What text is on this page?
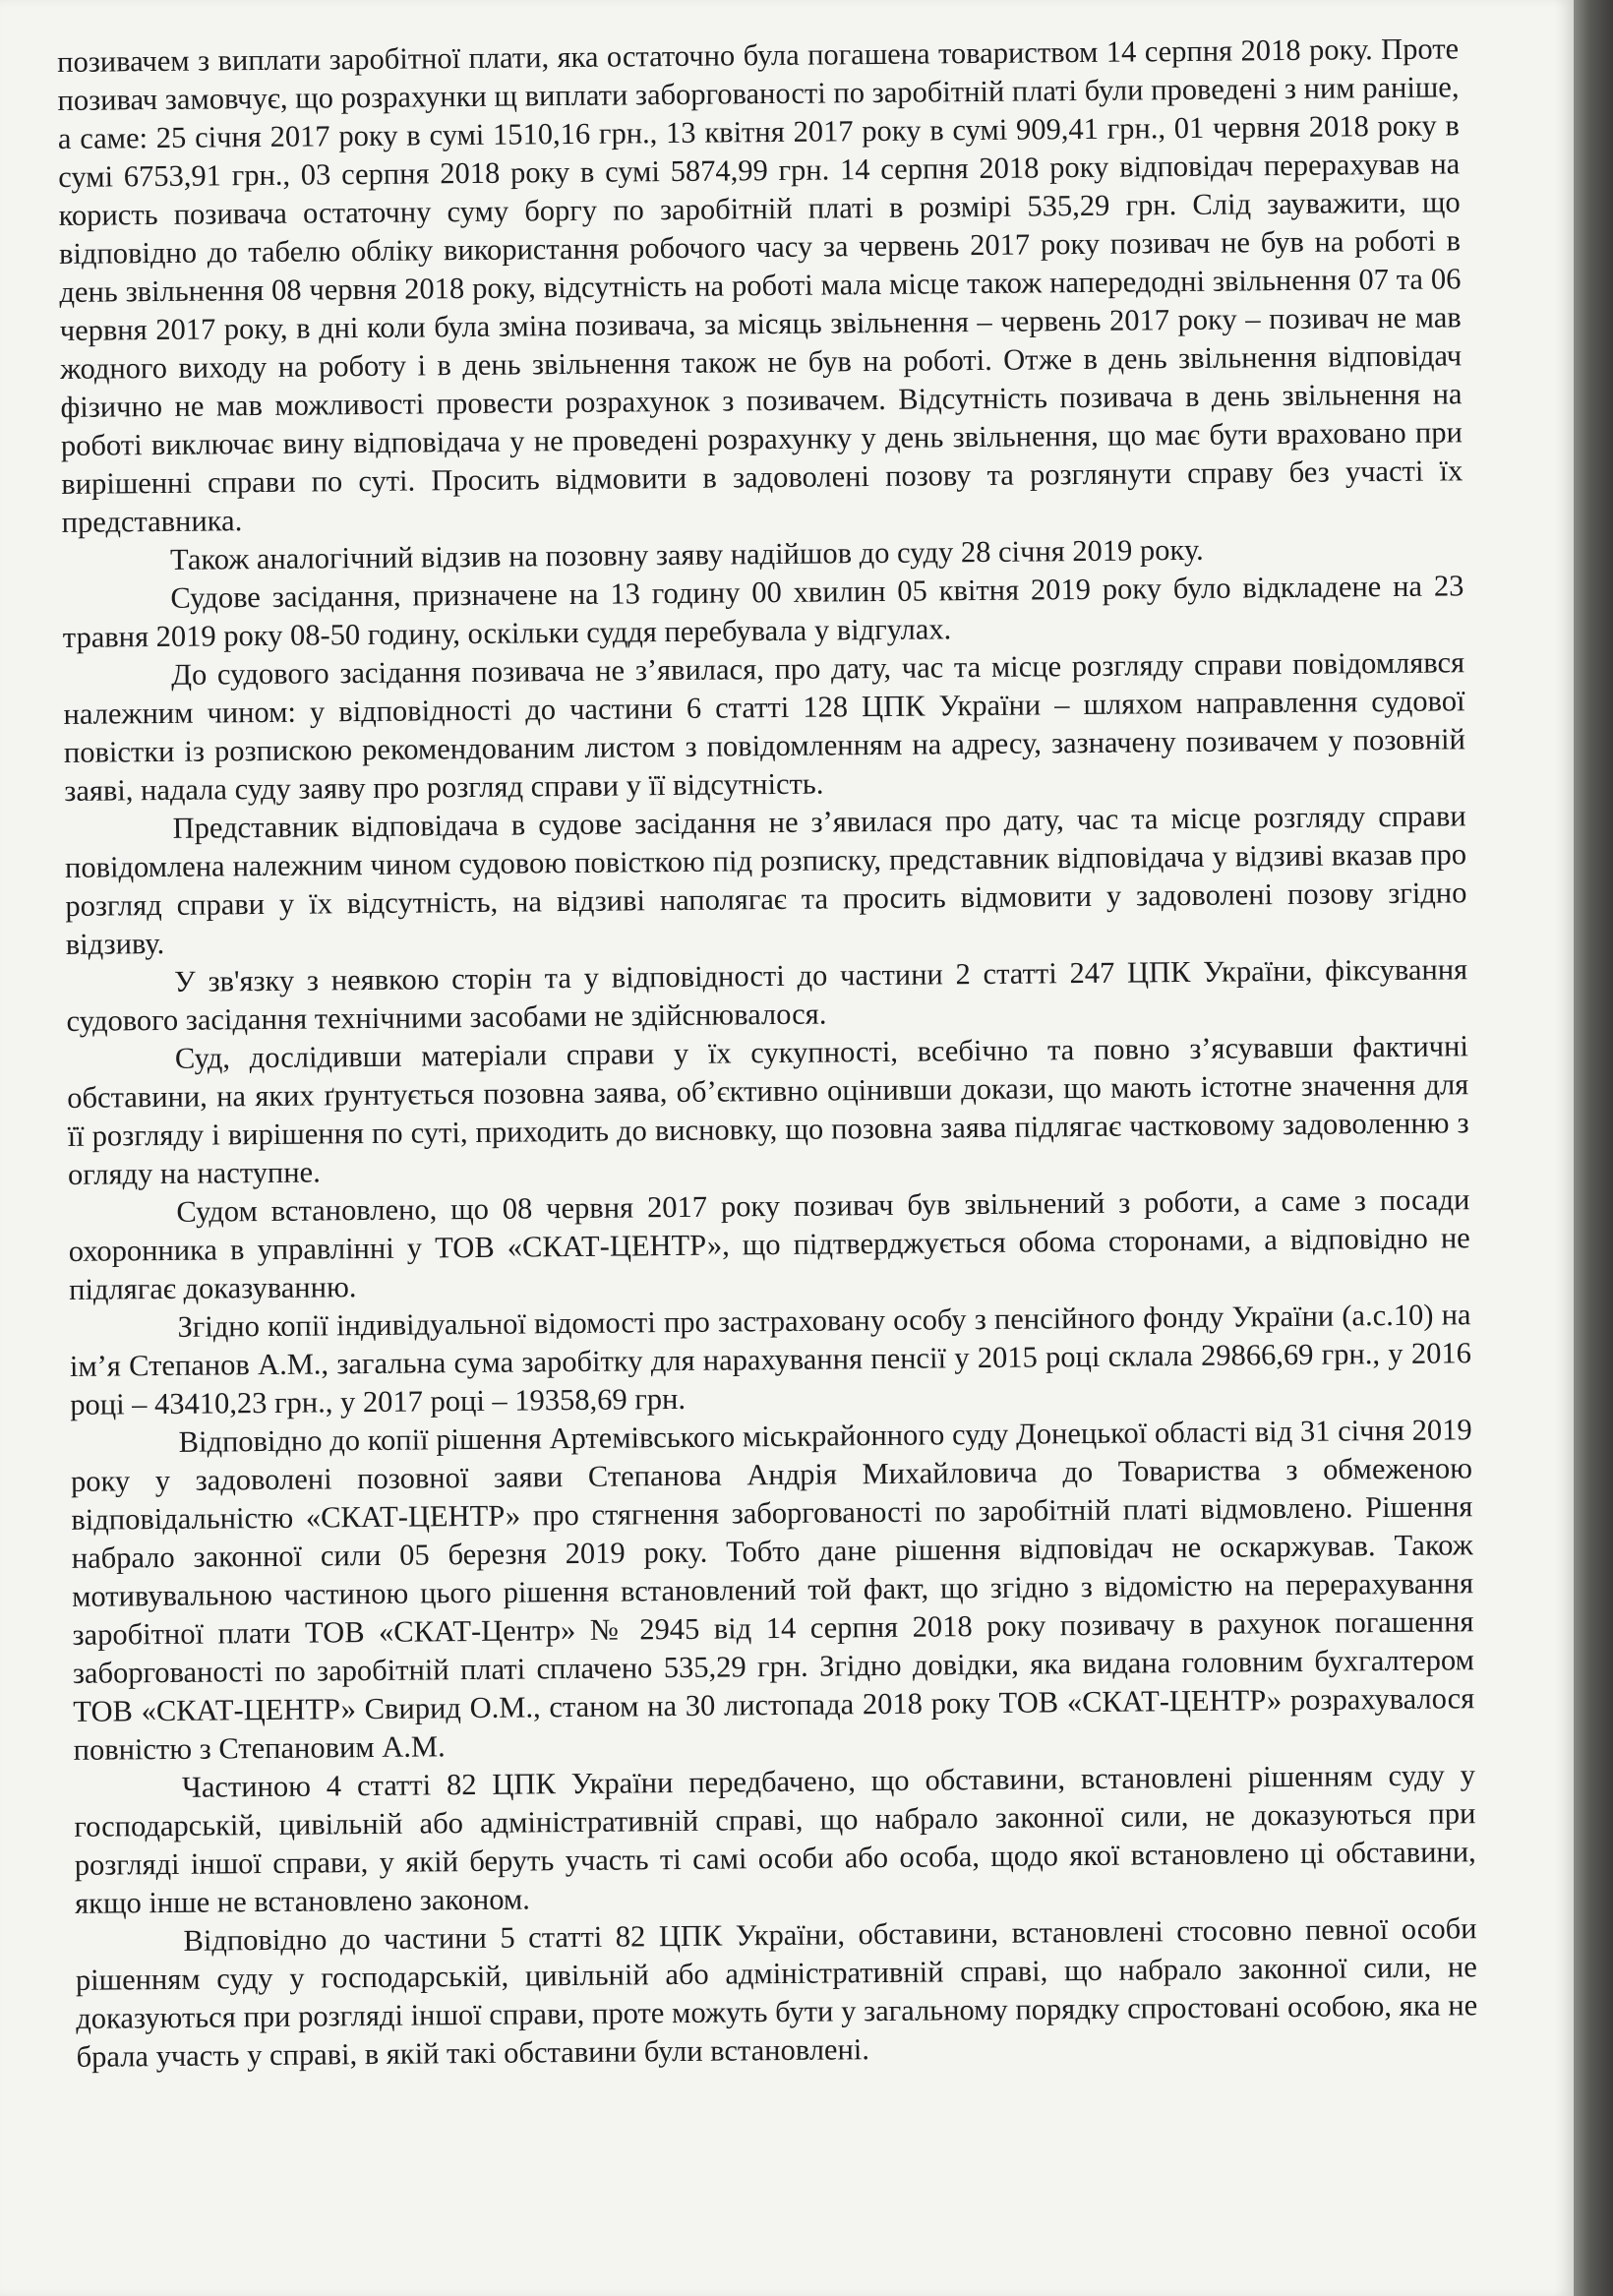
позивачем з виплати заробітної плати, яка остаточно була погашена товариством 14 серпня 2018 року. Проте позивач замовчує, що розрахунки щ виплати заборгованості по заробітній платі були проведені з ним раніше, а саме: 25 січня 2017 року в сумі 1510,16 грн., 13 квітня 2017 року в сумі 909,41 грн., 01 червня 2018 року в сумі 6753,91 грн., 03 серпня 2018 року в сумі 5874,99 грн. 14 серпня 2018 року відповідач перерахував на користь позивача остаточну суму боргу по заробітній платі в розмірі 535,29 грн. Слід зауважити, що відповідно до табелю обліку використання робочого часу за червень 2017 року позивач не був на роботі в день звільнення 08 червня 2018 року, відсутність на роботі мала місце також напередодні звільнення 07 та 06 червня 2017 року, в дні коли була зміна позивача, за місяць звільнення – червень 2017 року – позивач не мав жодного виходу на роботу і в день звільнення також не був на роботі. Отже в день звільнення відповідач фізично не мав можливості провести розрахунок з позивачем. Відсутність позивача в день звільнення на роботі виключає вину відповідача у не проведені розрахунку у день звільнення, що має бути враховано при вирішенні справи по суті. Просить відмовити в задоволені позову та розглянути справу без участі їх представника.

Також аналогічний відзив на позовну заяву надійшов до суду 28 січня 2019 року.

Судове засідання, призначене на 13 годину 00 хвилин 05 квітня 2019 року було відкладене на 23 травня 2019 року 08-50 годину, оскільки суддя перебувала у відгулах.

До судового засідання позивача не з’явилася, про дату, час та місце розгляду справи повідомлявся належним чином: у відповідності до частини 6 статті 128 ЦПК України – шляхом направлення судової повістки із розпискою рекомендованим листом з повідомленням на адресу, зазначену позивачем у позовній заяві, надала суду заяву про розгляд справи у її відсутність.

Представник відповідача в судове засідання не з’явилася про дату, час та місце розгляду справи повідомлена належним чином судовою повісткою під розписку, представник відповідача у відзиві вказав про розгляд справи у їх відсутність, на відзиві наполягає та просить відмовити у задоволені позову згідно відзиву.

У зв'язку з неявкою сторін та у відповідності до частини 2 статті 247 ЦПК України, фіксування судового засідання технічними засобами не здійснювалося.

Суд, дослідивши матеріали справи у їх сукупності, всебічно та повно з’ясувавши фактичні обставини, на яких ґрунтується позовна заява, об’єктивно оцінивши докази, що мають істотне значення для її розгляду і вирішення по суті, приходить до висновку, що позовна заява підлягає частковому задоволенню з огляду на наступне.

Судом встановлено, що 08 червня 2017 року позивач був звільнений з роботи, а саме з посади охоронника в управлінні у ТОВ «СКАТ-ЦЕНТР», що підтверджується обома сторонами, а відповідно не підлягає доказуванню.

Згідно копії індивідуальної відомості про застраховану особу з пенсійного фонду України (а.с.10) на ім’я Степанов А.М., загальна сума заробітку для нарахування пенсії у 2015 році склала 29866,69 грн., у 2016 році – 43410,23 грн., у 2017 році – 19358,69 грн.

Відповідно до копії рішення Артемівського міськрайонного суду Донецької області від 31 січня 2019 року у задоволені позовної заяви Степанова Андрія Михайловича до Товариства з обмеженою відповідальністю «СКАТ-ЦЕНТР» про стягнення заборгованості по заробітній платі відмовлено. Рішення набрало законної сили 05 березня 2019 року. Тобто дане рішення відповідач не оскаржував. Також мотивувальною частиною цього рішення встановлений той факт, що згідно з відомістю на перерахування заробітної плати ТОВ «СКАТ-Центр» № 2945 від 14 серпня 2018 року позивачу в рахунок погашення заборгованості по заробітній платі сплачено 535,29 грн. Згідно довідки, яка видана головним бухгалтером ТОВ «СКАТ-ЦЕНТР» Свирид О.М., станом на 30 листопада 2018 року ТОВ «СКАТ-ЦЕНТР» розрахувалося повністю з Степановим А.М.

Частиною 4 статті 82 ЦПК України передбачено, що обставини, встановлені рішенням суду у господарській, цивільній або адміністративній справі, що набрало законної сили, не доказуються при розгляді іншої справи, у якій беруть участь ті самі особи або особа, щодо якої встановлено ці обставини, якщо інше не встановлено законом.

Відповідно до частини 5 статті 82 ЦПК України, обставини, встановлені стосовно певної особи рішенням суду у господарській, цивільній або адміністративній справі, що набрало законної сили, не доказуються при розгляді іншої справи, проте можуть бути у загальному порядку спростовані особою, яка не брала участь у справі, в якій такі обставини були встановлені.
